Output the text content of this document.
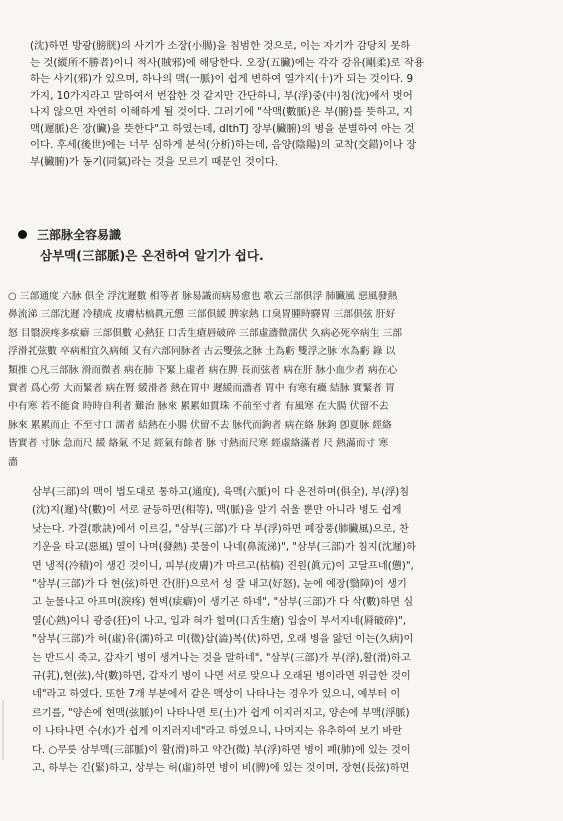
(沈)하면 방광(膀胱)의 사기가 소장(小腸)을 침범한 것으로, 이는 자기가 감당치 못하
는 것(縱所不勝者)이니 적사(賊邪)에 해당한다. 오장(五臟)에는 각각 강유(剛柔)로 작용
하는 사기(邪)가 있으며, 하나의 맥(一脈)이 쉽게 변하여 열가지(十)가 되는 것이다. 9
가지, 10가지라고 말하여서 번잡한 것 같지만 간단하니, 부(浮)중(中)침(沈)에서 벗어
나지 않으면 자연히 이해하게 될 것이다. 그러기에 "삭맥(數脈)은 부(腑)를 뜻하고, 지
맥(遲脈)은 장(臟)을 뜻한다"고 하였는데, dlthTJ 장부(臟腑)의 병을 분별하여 아는 것
이다. 후세(後世)에는 너무 심하게 분석(分析)하는데, 음양(陰陽)의 교착(交錯)이나 장
부(臟腑)가 동기(同氣)라는 것을 모르기 때문인 것이다.
三部脉全容易識
삼부맥(三部脈)은 온전하여 알기가 쉽다.
○ 三部通度 六脉 俱全 浮沈遲數 相等者 脉易識而病易愈也 歌云三部俱浮 肺臟風 惡風發熱
鼻流涕 三部沈遲 冷積成 皮膚枯槁眞元憊 三部俱緩 脾家熱 口臭胃腫時驛胃 三部俱弦 肝好
怒 目翳淚疼多痃癖 三部俱數 心熱狂 口舌生瘡唇破碎 三部虛濇微濡伏 久病必死卒病生 三部
浮滑芤弦數 卒病相宜久病傾 又有六部同脉者 古云雙弦之脉 土為虧 雙浮之脉 水為虧 錄 以
類推 ○凡三部脉 滑而微者 病在肺 下緊上虛者 病在脾 長而弦者 病在肝 脉小血少者 病在心
實者 爲心勞 大而緊者 病在腎 緩滑者 熱在胃中 遲緩而濇者 胃中 有寒有癥 結脉 實緊者 胃
中有寒 若不能食 時時自利者 難治 脉來 累累如貫珠 不前至寸者 有風寒 在大腸 伏留不去
脉來 累累而止 不至寸口 濡者 結熱在小腸 伏留不去 脉代而鉤者 病在絡 脉鉤 卽夏脉 經絡
皆實者 寸脉 急而尺 緩 絡氣 不足 經氣有餘者 脉 寸熱而尺寒 經虛絡滿者 尺 熱滿而寸 寒
濇
삼부(三部)의 맥이 법도대로 통하고(通度), 육맥(六脈)이 다 온전하며(俱全), 부(浮)침
(沈)지(遲)삭(數)이 서로 균등하면(相等), 맥(脈)을 알기 쉬울 뿐만 아니라 병도 쉽게
낫는다. 가결(歌訣)에서 이르길, "삼부(三部)가 다 부(浮)하면 폐장풍(肺臟風)으로, 찬
기운을 타고(惡風) 열이 나며(發熱) 콧물이 나네(鼻流涕)", "삼부(三部)가 침지(沈遲)하
면 냉적(冷積)이 생긴 것이니, 피부(皮膚)가 마르고(枯槁) 진원(眞元)이 고달프네(憊)",
"삼부(三部)가 다 현(弦)하면 간(肝)으로서 성 잘 내고(好怒), 눈에 예장(翳障)이 생기
고 눈물나고 아프며(淚疼) 현벽(痃癖)이 생기곤 하네", "삼부(三部)가 다 삭(數)하면 심
열(心熱)이니 광증(狂)이 나고, 입과 혀가 헐며(口舌生瘡) 입술이 부서지네(脣破碎)",
"삼부(三部)가 허(虛)유(濡)하고 미(微)삽(澁)복(伏)하면, 오래 병을 앓던 이는(久病)이
는 반드시 죽고, 갑자기 병이 생겨나는 것을 말하네", "삼부(三部)가 부(浮),활(滑)하고
규(芤),현(弦),삭(數)하면, 갑자기 병이 나면 서로 맞으나 오래된 병이라면 위급한 것이
네"라고 하였다. 또한 7개 부분에서 같은 맥상이 나타나는 경우가 있으니, 예부터 이
르기를, "양손에 현맥(弦脈)이 나타나면 토(土)가 쉽게 이지러지고, 양손에 부맥(浮脈)
이 나타나면 수(水)가 쉽게 이지러지네"라고 하였으니, 나머지는 유추하여 보기 바란
다. ○무릇 삼부맥(三部脈)이 활(滑)하고 약간(微) 부(浮)하면 병이 폐(肺)에 있는 것이
고, 하부는 긴(緊)하고, 상부는 허(虛)하면 병이 비(脾)에 있는 것이며, 장현(長弦)하면
